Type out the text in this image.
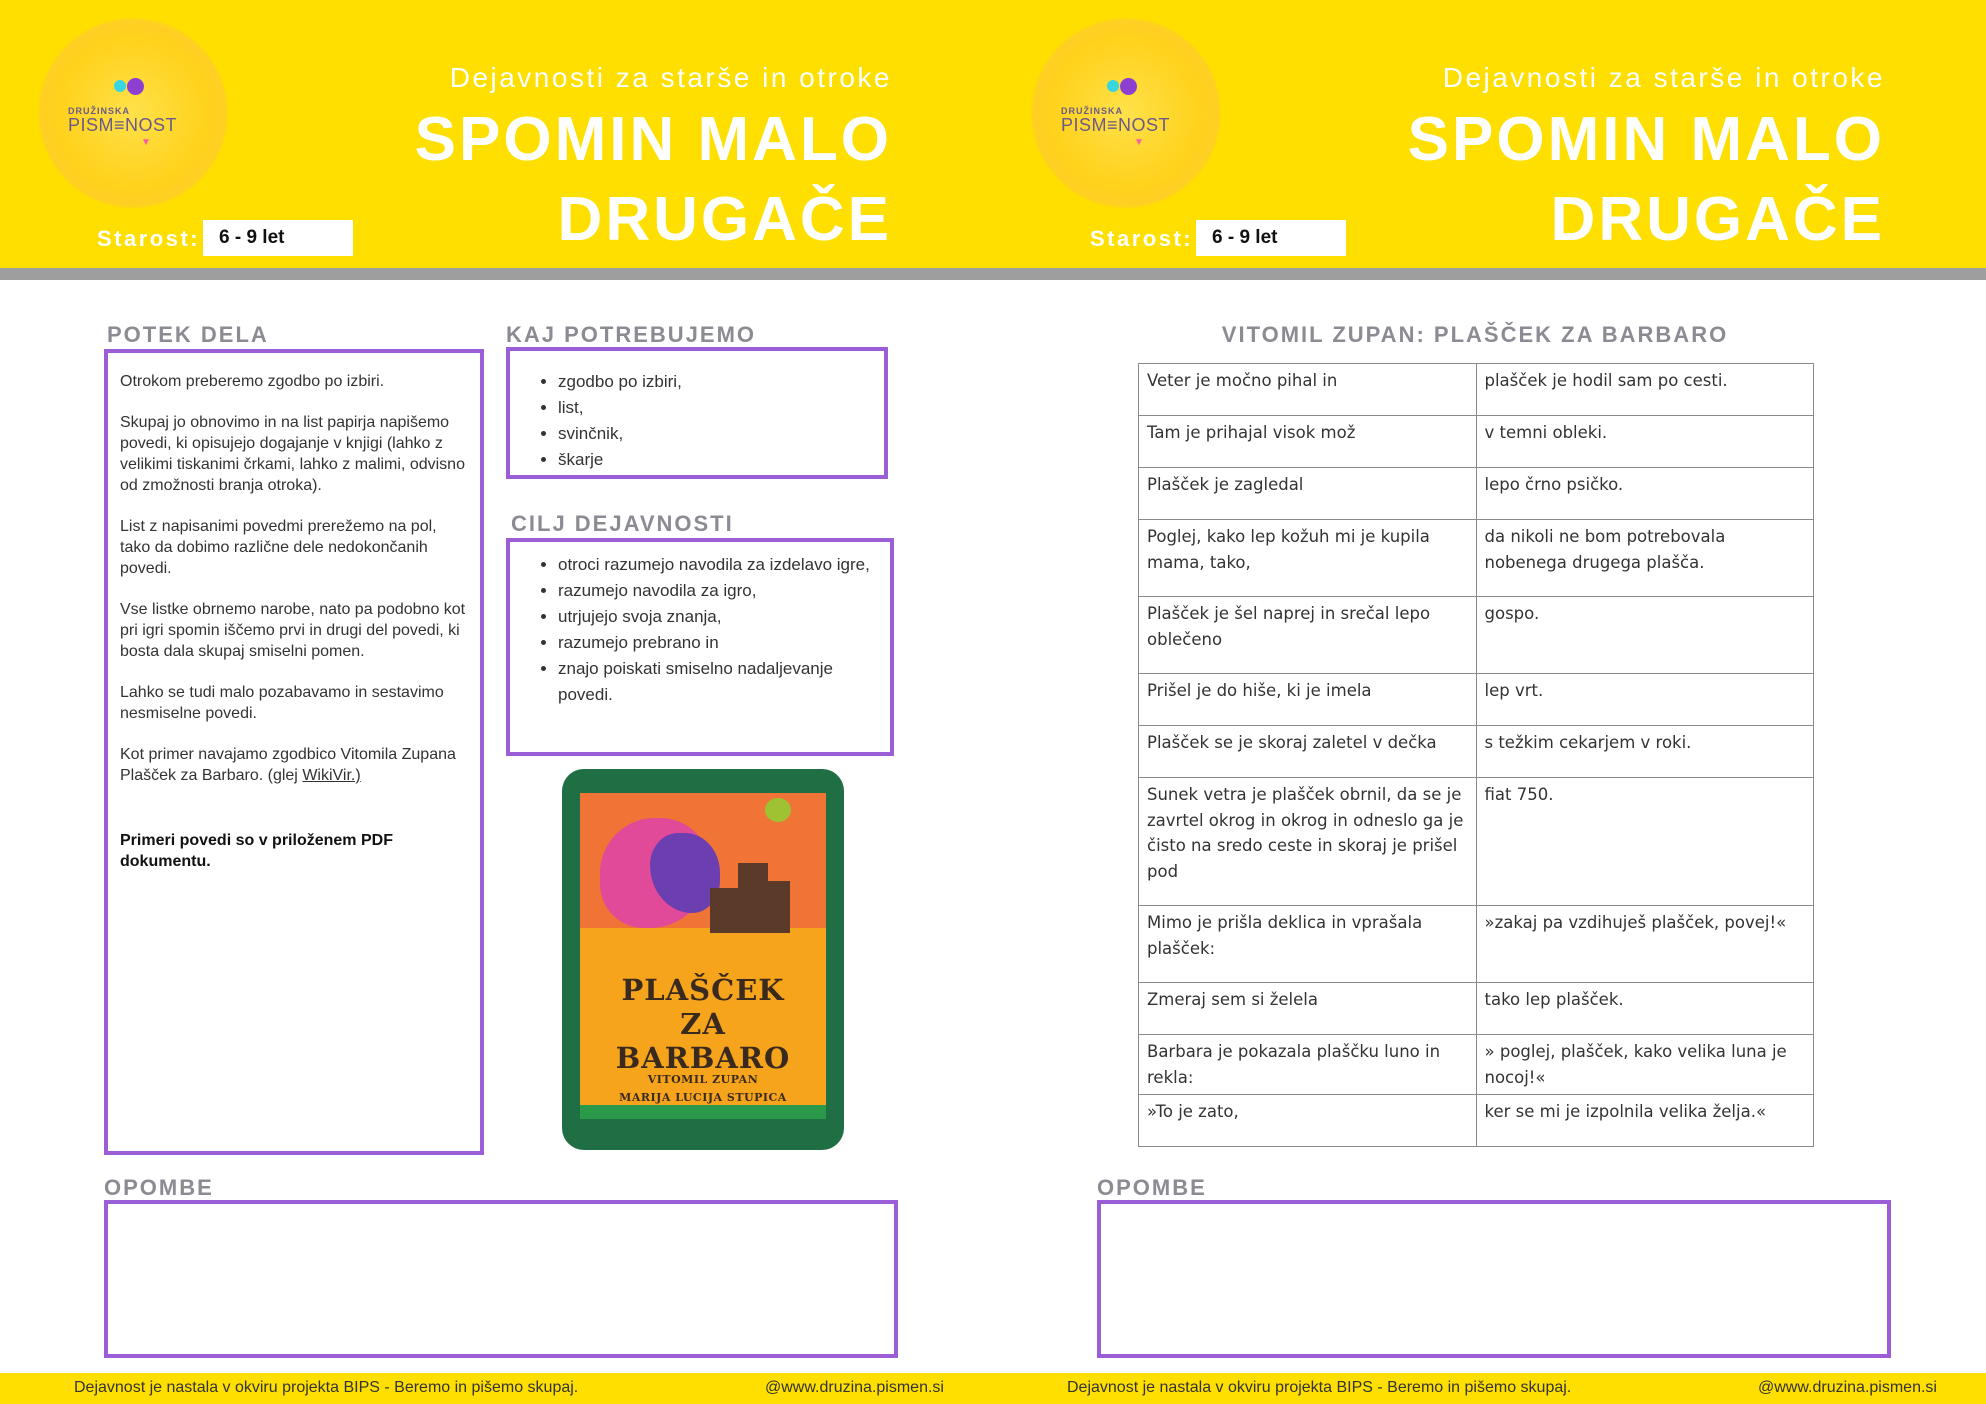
DRUŽINSKA
PISM≡NOST
▼
Dejavnosti za starše in otroke
SPOMIN MALO
DRUGAČE
Starost: 6 - 9 let
DRUŽINSKA
PISM≡NOST
▼
Dejavnosti za starše in otroke
SPOMIN MALO
DRUGAČE
Starost: 6 - 9 let
POTEK DELA

Otrokom preberemo zgodbo po izbiri.

Skupaj jo obnovimo in na list papirja napišemo povedi, ki opisujejo dogajanje v knjigi (lahko z velikimi tiskanimi črkami, lahko z malimi, odvisno od zmožnosti branja otroka).

List z napisanimi povedmi prerežemo na pol, tako da dobimo različne dele nedokončanih povedi.

Vse listke obrnemo narobe, nato pa podobno kot pri igri spomin iščemo prvi in drugi del povedi, ki bosta dala skupaj smiselni pomen.

Lahko se tudi malo pozabavamo in sestavimo nesmiselne povedi.

Kot primer navajamo zgodbico Vitomila Zupana Plašček za Barbaro. (glej WikiVir.)

Primeri povedi so v priloženem PDF dokumentu.

KAJ POTREBUJEMO
• zgodbo po izbiri,
• list,
• svinčnik,
• škarje
CILJ DEJAVNOSTI
• otroci razumejo navodila za izdelavo igre,
• razumejo navodila za igro,
• utrjujejo svoja znanja,
• razumejo prebrano in
• znajo poiskati smiselno nadaljevanje povedi.
PLAŠČEK
ZA
BARBARO
VITOMIL ZUPAN
MARIJA LUCIJA STUPICA
OPOMBE
VITOMIL ZUPAN: PLAŠČEK ZA BARBARO
Veter je močno pihal in	plašček je hodil sam po cesti.
Tam je prihajal visok mož	v temni obleki.
Plašček je zagledal	lepo črno psičko.
Poglej, kako lep kožuh mi je kupila mama, tako,	da nikoli ne bom potrebovala nobenega drugega plašča.
Plašček je šel naprej in srečal lepo oblečeno	gospo.
Prišel je do hiše, ki je imela	lep vrt.
Plašček se je skoraj zaletel v dečka	s težkim cekarjem v roki.
Sunek vetra je plašček obrnil, da se je zavrtel okrog in okrog in odneslo ga je čisto na sredo ceste in skoraj je prišel pod	fiat 750.
Mimo je prišla deklica in vprašala plašček:	»zakaj pa vzdihuješ plašček, povej!«
Zmeraj sem si želela	tako lep plašček.
Barbara je pokazala plaščku luno in rekla:	» poglej, plašček, kako velika luna je nocoj!«
»To je zato,	ker se mi je izpolnila velika želja.«
OPOMBE
Dejavnost je nastala v okviru projekta BIPS - Beremo in pišemo skupaj.	@www.druzina.pismen.si	Dejavnost je nastala v okviru projekta BIPS - Beremo in pišemo skupaj.	@www.druzina.pismen.si
